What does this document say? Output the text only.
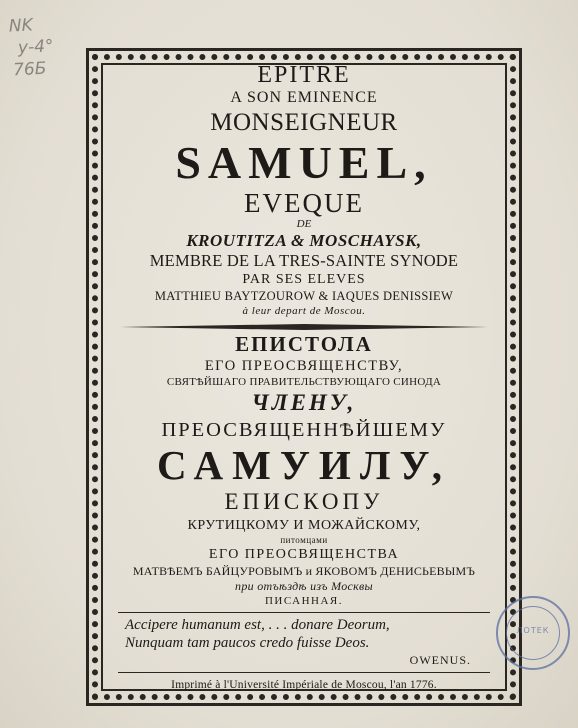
NK
у-4°
76Б	EPITRE
A SON EMINENCE
MONSEIGNEUR
SAMUEL,
EVEQUE
DE
KROUTITZA & MOSCHAYSK,
MEMBRE DE LA TRES-SAINTE SYNODE
PAR SES ELEVES
MATTHIEU BAYTZOUROW & IAQUES DENISSIEW
à leur depart de Moscou.
ЕПИСТОЛА
ЕГО ПРЕОСВЯЩЕНСТВУ,
СВЯТѢЙШАГО ПРАВИТЕЛЬСТВУЮЩАГО СИНОДА
ЧЛЕНУ,
ПРЕОСВЯЩЕННѢЙШЕМУ
САМУИЛУ,
ЕПИСКОПУ
КРУТИЦКОМУ И МОЖАЙСКОМУ,
питомцами
ЕГО ПРЕОСВЯЩЕНСТВА
МАТВѢЕМЪ БАЙЦУРОВЫМЪ и ЯКОВОМЪ ДЕНИСЬЕВЫМЪ
при отъѣздѣ изъ Москвы
ПИСАННАЯ.
Accipere humanum est, . . . donare Deorum,
Nunquam tam paucos credo fuisse Deos.
OWENUS.
Imprimé à l'Université Impériale de Moscou, l'an 1776.
ЛОТЕК
